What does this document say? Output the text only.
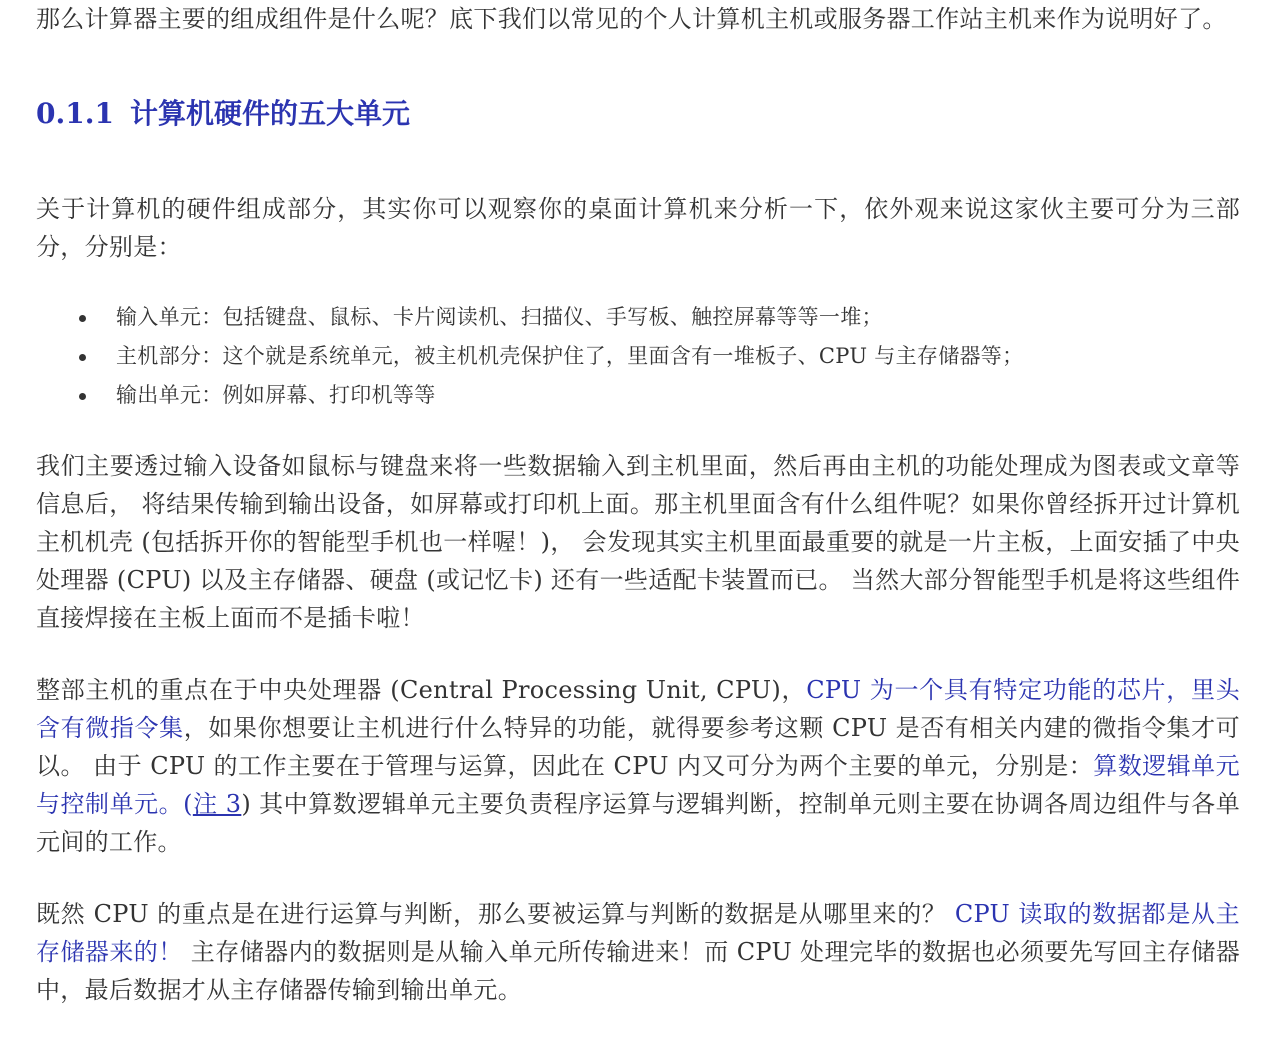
那么计算器主要的组成组件是什么呢？底下我们以常见的个人计算机主机或服务器工作站主机来作为说明好了。

0.1.1 计算机硬件的五大单元

关于计算机的硬件组成部分，其实你可以观察你的桌面计算机来分析一下，依外观来说这家伙主要可分为三部分，分别是：

输入单元：包括键盘、鼠标、卡片阅读机、扫描仪、手写板、触控屏幕等等一堆；
主机部分：这个就是系统单元，被主机机壳保护住了，里面含有一堆板子、CPU 与主存储器等；
输出单元：例如屏幕、打印机等等

我们主要透过输入设备如鼠标与键盘来将一些数据输入到主机里面，然后再由主机的功能处理成为图表或文章等信息后， 将结果传输到输出设备，如屏幕或打印机上面。那主机里面含有什么组件呢？如果你曾经拆开过计算机主机机壳 (包括拆开你的智能型手机也一样喔！)， 会发现其实主机里面最重要的就是一片主板，上面安插了中央处理器 (CPU) 以及主存储器、硬盘 (或记忆卡) 还有一些适配卡装置而已。 当然大部分智能型手机是将这些组件直接焊接在主板上面而不是插卡啦！

整部主机的重点在于中央处理器 (Central Processing Unit, CPU)，CPU 为一个具有特定功能的芯片，里头含有微指令集，如果你想要让主机进行什么特异的功能，就得要参考这颗 CPU 是否有相关内建的微指令集才可以。 由于 CPU 的工作主要在于管理与运算，因此在 CPU 内又可分为两个主要的单元，分别是：算数逻辑单元与控制单元。(注 3) 其中算数逻辑单元主要负责程序运算与逻辑判断，控制单元则主要在协调各周边组件与各单元间的工作。

既然 CPU 的重点是在进行运算与判断，那么要被运算与判断的数据是从哪里来的？ CPU 读取的数据都是从主存储器来的！ 主存储器内的数据则是从输入单元所传输进来！而 CPU 处理完毕的数据也必须要先写回主存储器中，最后数据才从主存储器传输到输出单元。
